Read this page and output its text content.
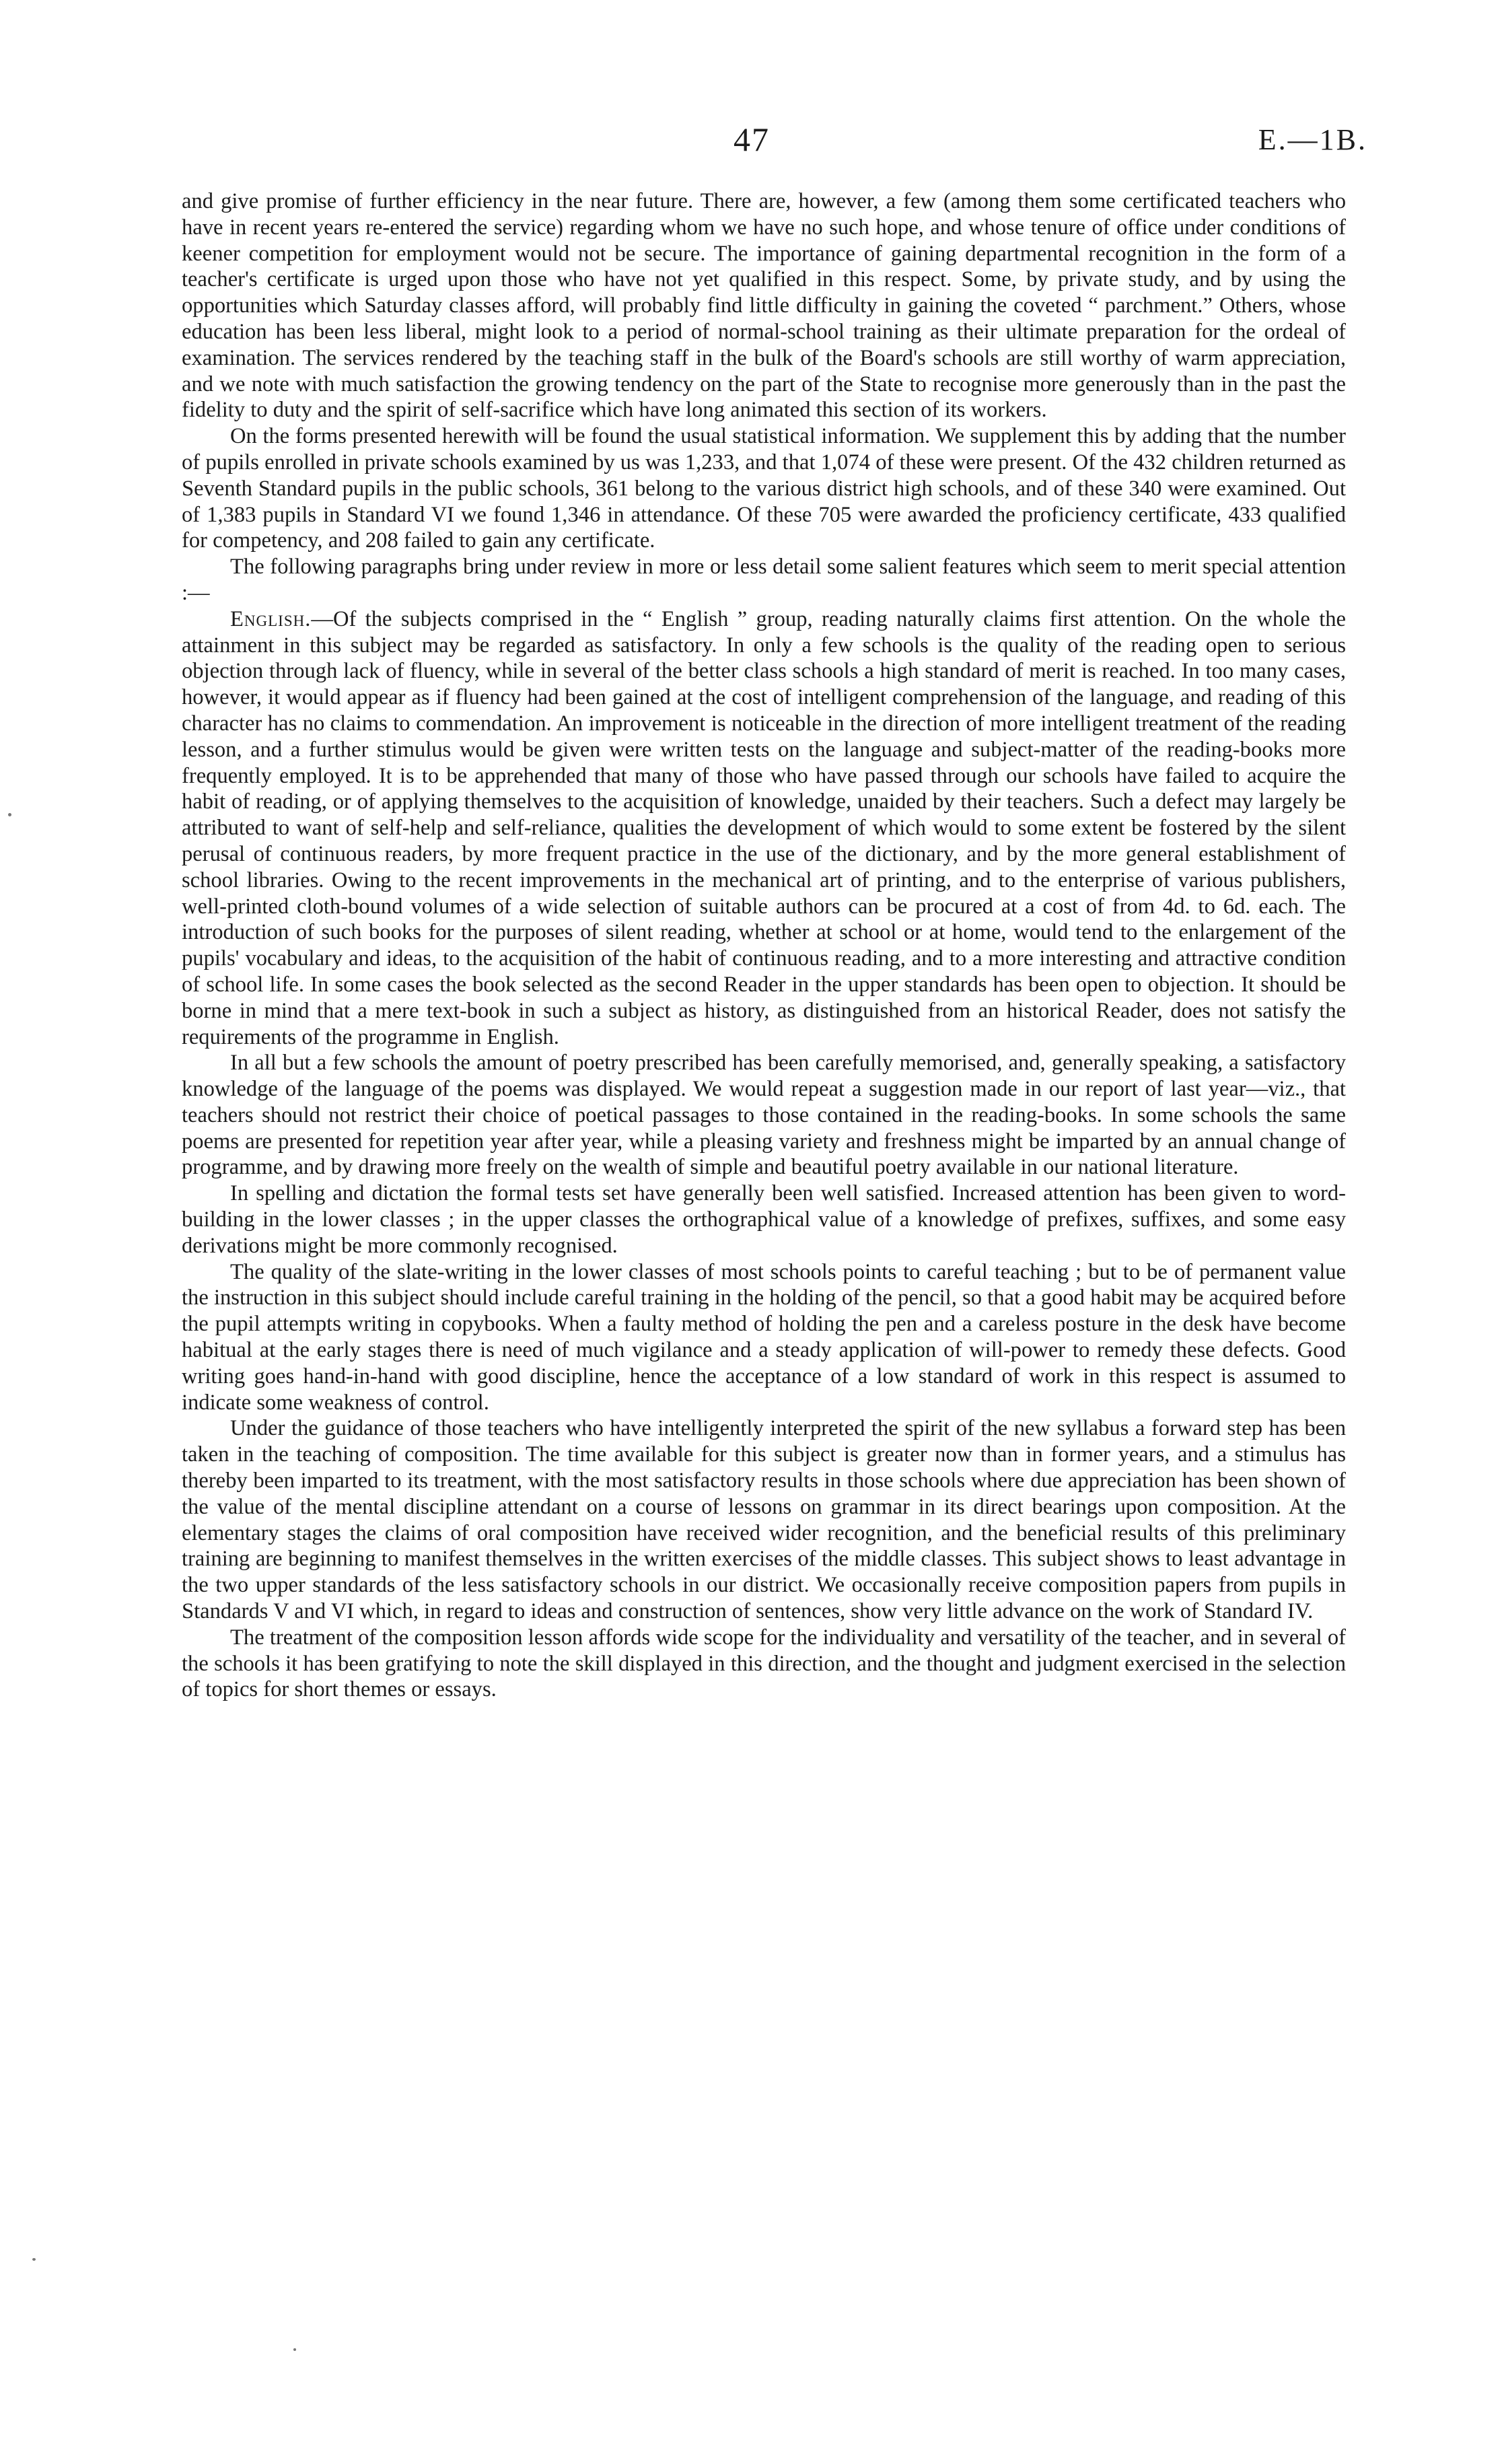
47	E.—1B.

and give promise of further efficiency in the near future. There are, however, a few (among them some certificated teachers who have in recent years re-entered the service) regarding whom we have no such hope, and whose tenure of office under conditions of keener competition for employment would not be secure. The importance of gaining departmental recognition in the form of a teacher's certificate is urged upon those who have not yet qualified in this respect. Some, by private study, and by using the opportunities which Saturday classes afford, will probably find little difficulty in gaining the coveted “ parchment.” Others, whose education has been less liberal, might look to a period of normal-school training as their ultimate preparation for the ordeal of examination. The services rendered by the teaching staff in the bulk of the Board's schools are still worthy of warm appreciation, and we note with much satisfaction the growing tendency on the part of the State to recognise more generously than in the past the fidelity to duty and the spirit of self-sacrifice which have long animated this section of its workers.

On the forms presented herewith will be found the usual statistical information. We supplement this by adding that the number of pupils enrolled in private schools examined by us was 1,233, and that 1,074 of these were present. Of the 432 children returned as Seventh Standard pupils in the public schools, 361 belong to the various district high schools, and of these 340 were examined. Out of 1,383 pupils in Standard VI we found 1,346 in attendance. Of these 705 were awarded the proficiency certificate, 433 qualified for competency, and 208 failed to gain any certificate.

The following paragraphs bring under review in more or less detail some salient features which seem to merit special attention :—

English.—Of the subjects comprised in the “ English ” group, reading naturally claims first attention. On the whole the attainment in this subject may be regarded as satisfactory. In only a few schools is the quality of the reading open to serious objection through lack of fluency, while in several of the better class schools a high standard of merit is reached. In too many cases, however, it would appear as if fluency had been gained at the cost of intelligent comprehension of the language, and reading of this character has no claims to commendation. An improvement is noticeable in the direction of more intelligent treatment of the reading lesson, and a further stimulus would be given were written tests on the language and subject-matter of the reading-books more frequently employed. It is to be apprehended that many of those who have passed through our schools have failed to acquire the habit of reading, or of applying themselves to the acquisition of knowledge, unaided by their teachers. Such a defect may largely be attributed to want of self-help and self-reliance, qualities the development of which would to some extent be fostered by the silent perusal of continuous readers, by more frequent practice in the use of the dictionary, and by the more general establishment of school libraries. Owing to the recent improvements in the mechanical art of printing, and to the enterprise of various publishers, well-printed cloth-bound volumes of a wide selection of suitable authors can be procured at a cost of from 4d. to 6d. each. The introduction of such books for the purposes of silent reading, whether at school or at home, would tend to the enlargement of the pupils' vocabulary and ideas, to the acquisition of the habit of continuous reading, and to a more interesting and attractive condition of school life. In some cases the book selected as the second Reader in the upper standards has been open to objection. It should be borne in mind that a mere text-book in such a subject as history, as distinguished from an historical Reader, does not satisfy the requirements of the programme in English.

In all but a few schools the amount of poetry prescribed has been carefully memorised, and, generally speaking, a satisfactory knowledge of the language of the poems was displayed. We would repeat a suggestion made in our report of last year—viz., that teachers should not restrict their choice of poetical passages to those contained in the reading-books. In some schools the same poems are presented for repetition year after year, while a pleasing variety and freshness might be imparted by an annual change of programme, and by drawing more freely on the wealth of simple and beautiful poetry available in our national literature.

In spelling and dictation the formal tests set have generally been well satisfied. Increased attention has been given to word-building in the lower classes ; in the upper classes the orthographical value of a knowledge of prefixes, suffixes, and some easy derivations might be more commonly recognised.

The quality of the slate-writing in the lower classes of most schools points to careful teaching ; but to be of permanent value the instruction in this subject should include careful training in the holding of the pencil, so that a good habit may be acquired before the pupil attempts writing in copybooks. When a faulty method of holding the pen and a careless posture in the desk have become habitual at the early stages there is need of much vigilance and a steady application of will-power to remedy these defects. Good writing goes hand-in-hand with good discipline, hence the acceptance of a low standard of work in this respect is assumed to indicate some weakness of control.

Under the guidance of those teachers who have intelligently interpreted the spirit of the new syllabus a forward step has been taken in the teaching of composition. The time available for this subject is greater now than in former years, and a stimulus has thereby been imparted to its treatment, with the most satisfactory results in those schools where due appreciation has been shown of the value of the mental discipline attendant on a course of lessons on grammar in its direct bearings upon composition. At the elementary stages the claims of oral composition have received wider recognition, and the beneficial results of this preliminary training are beginning to manifest themselves in the written exercises of the middle classes. This subject shows to least advantage in the two upper standards of the less satisfactory schools in our district. We occasionally receive composition papers from pupils in Standards V and VI which, in regard to ideas and construction of sentences, show very little advance on the work of Standard IV.

The treatment of the composition lesson affords wide scope for the individuality and versatility of the teacher, and in several of the schools it has been gratifying to note the skill displayed in this direction, and the thought and judgment exercised in the selection of topics for short themes or essays.
